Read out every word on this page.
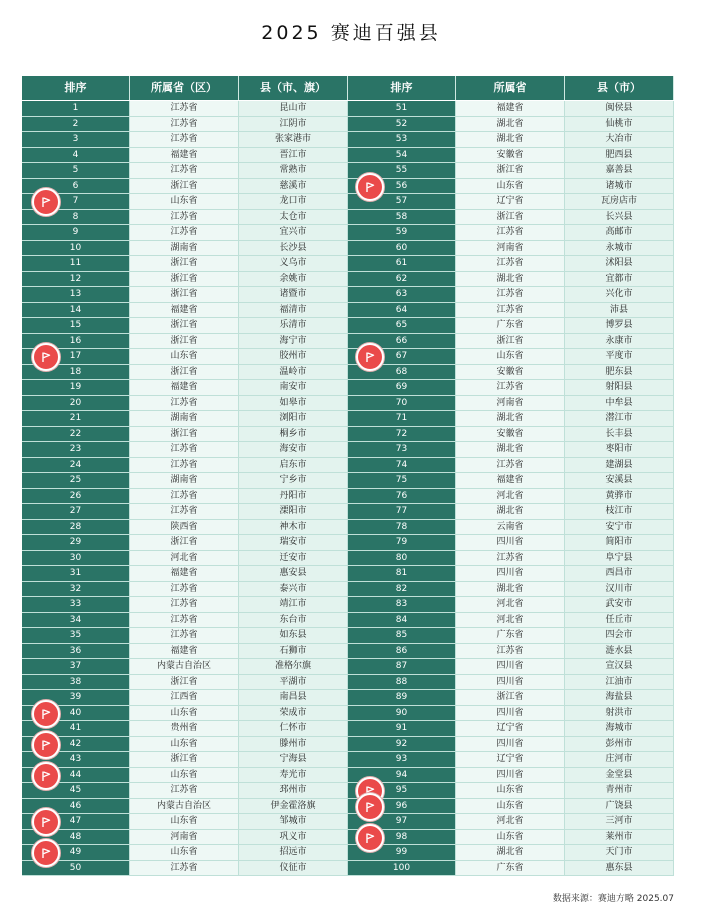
2025 赛迪百强县
排序	所属省（区）	县（市、旗）
1	江苏省	昆山市
2	江苏省	江阴市
3	江苏省	张家港市
4	福建省	晋江市
5	江苏省	常熟市
6	浙江省	慈溪市
7	山东省	龙口市
8	江苏省	太仓市
9	江苏省	宜兴市
10	湖南省	长沙县
11	浙江省	义乌市
12	浙江省	余姚市
13	浙江省	诸暨市
14	福建省	福清市
15	浙江省	乐清市
16	浙江省	海宁市
17	山东省	胶州市
18	浙江省	温岭市
19	福建省	南安市
20	江苏省	如皋市
21	湖南省	浏阳市
22	浙江省	桐乡市
23	江苏省	海安市
24	江苏省	启东市
25	湖南省	宁乡市
26	江苏省	丹阳市
27	江苏省	溧阳市
28	陕西省	神木市
29	浙江省	瑞安市
30	河北省	迁安市
31	福建省	惠安县
32	江苏省	泰兴市
33	江苏省	靖江市
34	江苏省	东台市
35	江苏省	如东县
36	福建省	石狮市
37	内蒙古自治区	准格尔旗
38	浙江省	平湖市
39	江西省	南昌县
40	山东省	荣成市
41	贵州省	仁怀市
42	山东省	滕州市
43	浙江省	宁海县
44	山东省	寿光市
45	江苏省	邳州市
46	内蒙古自治区	伊金霍洛旗
47	山东省	邹城市
48	河南省	巩义市
49	山东省	招远市
50	江苏省	仪征市
排序	所属省	县（市）
51	福建省	闽侯县
52	湖北省	仙桃市
53	湖北省	大冶市
54	安徽省	肥西县
55	浙江省	嘉善县
56	山东省	诸城市
57	辽宁省	瓦房店市
58	浙江省	长兴县
59	江苏省	高邮市
60	河南省	永城市
61	江苏省	沭阳县
62	湖北省	宜都市
63	江苏省	兴化市
64	江苏省	沛县
65	广东省	博罗县
66	浙江省	永康市
67	山东省	平度市
68	安徽省	肥东县
69	江苏省	射阳县
70	河南省	中牟县
71	湖北省	潜江市
72	安徽省	长丰县
73	湖北省	枣阳市
74	江苏省	建湖县
75	福建省	安溪县
76	河北省	黄骅市
77	湖北省	枝江市
78	云南省	安宁市
79	四川省	简阳市
80	江苏省	阜宁县
81	四川省	西昌市
82	湖北省	汉川市
83	河北省	武安市
84	河北省	任丘市
85	广东省	四会市
86	江苏省	涟水县
87	四川省	宣汉县
88	四川省	江油市
89	浙江省	海盐县
90	四川省	射洪市
91	辽宁省	海城市
92	四川省	彭州市
93	辽宁省	庄河市
94	四川省	金堂县
95	山东省	青州市
96	山东省	广饶县
97	河北省	三河市
98	山东省	莱州市
99	湖北省	天门市
100	广东省	惠东县
数据来源：赛迪方略 2025.07
